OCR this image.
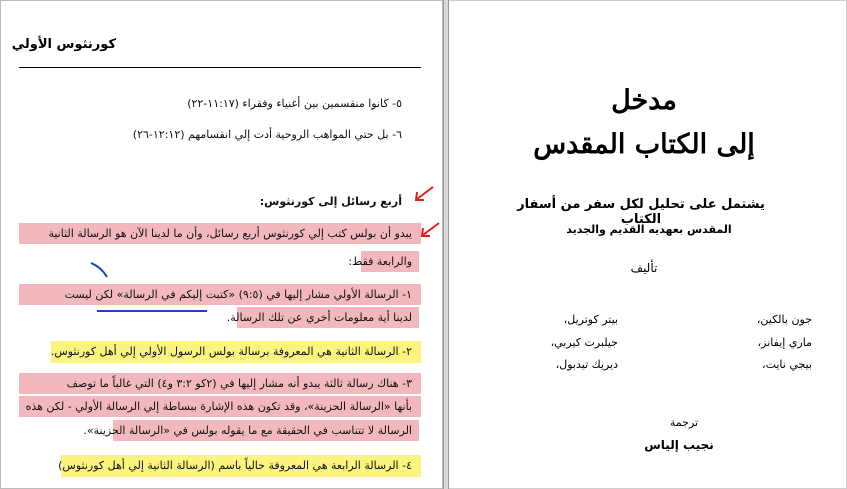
كورنثوس الأولي
٥- كانوا منقسمين بين أغنياء وفقراء (١١:١٧-٢٢)
٦- بل حتي المواهب الروحية أدت إلي انقسامهم (١٢:١٢-٢٦)
أربع رسائل إلى كورنثوس:
يبدو أن بولس كتب إلي كورنثوس أربع رسائل، وأن ما لدينا الآن هو الرسالة الثانية
والرابعة فقط:
١- الرسالة الأولي مشار إليها في (٩:٥) «كتبت إليكم في الرسالة» لكن ليست
لدينا أية معلومات أخري عن تلك الرسالة.
٢- الرسالة الثانية هي المعروفة برسالة بولس الرسول الأولي إلي أهل كورنثوس.
٣- هناك رسالة ثالثة يبدو أنه مشار إليها في (٢كو ٣:٢ و٤) التي غالباً ما توصف
بأنها «الرسالة الحزينة»، وقد تكون هذه الإشارة ببساطة إلي الرسالة الأولي - لكن هذه
الرسالة لا تتناسب في الحقيقة مع ما يقوله بولس في «الرسالة الحزينة».
٤- الرسالة الرابعة هي المعروفة حالياً باسم (الرسالة الثانية إلي أهل كورنثوس)
مدخل
إلى الكتاب المقدس
يشتمل على تحليل لكل سفر من أسفار الكتاب
المقدس بعهديه القديم والجديد
تأليف
جون بالكين،
ماري إيفانز،
بيجي نايت،
بيتر كوتريل،
جيلبرت كيربي،
ديريك تيدبول،
ترجمة
نجيب إلياس
